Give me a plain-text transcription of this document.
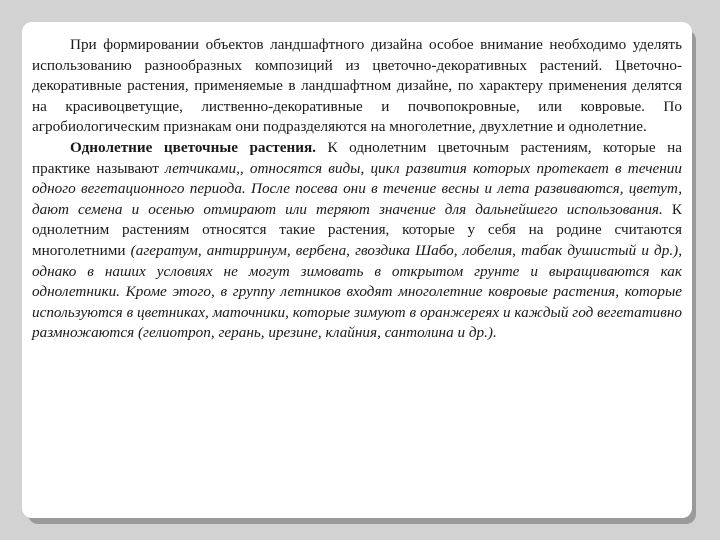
При формировании объектов ландшафтного дизайна особое внимание необходимо уделять использованию разнообразных композиций из цветочно-декоративных растений. Цветочно-декоративные растения, применяемые в ландшафтном дизайне, по характеру применения делятся на красивоцветущие, лиственно-декоративные и почвопокровные, или ковровые. По агробиологическим признакам они подразделяются на многолетние, двухлетние и однолетние.

Однолетние цветочные растения. К однолетним цветочным растениям, которые на практике называют летчиками,, относятся виды, цикл развития которых протекает в течении одного вегетационного периода. После посева они в течение весны и лета развиваются, цветут, дают семена и осенью отмирают или теряют значение для дальнейшего использования. К однолетним растениям относятся такие растения, которые у себя на родине считаются многолетними (агератум, антирринум, вербена, гвоздика Шабо, лобелия, табак душистый и др.), однако в наших условиях не могут зимовать в открытом грунте и выращиваются как однолетники. Кроме этого, в группу летников входят многолетние ковровые растения, которые используются в цветниках, маточники, которые зимуют в оранжереях и каждый год вегетативно размножаются (гелиотроп, герань, ирезине, клайния, сантолина и др.).
